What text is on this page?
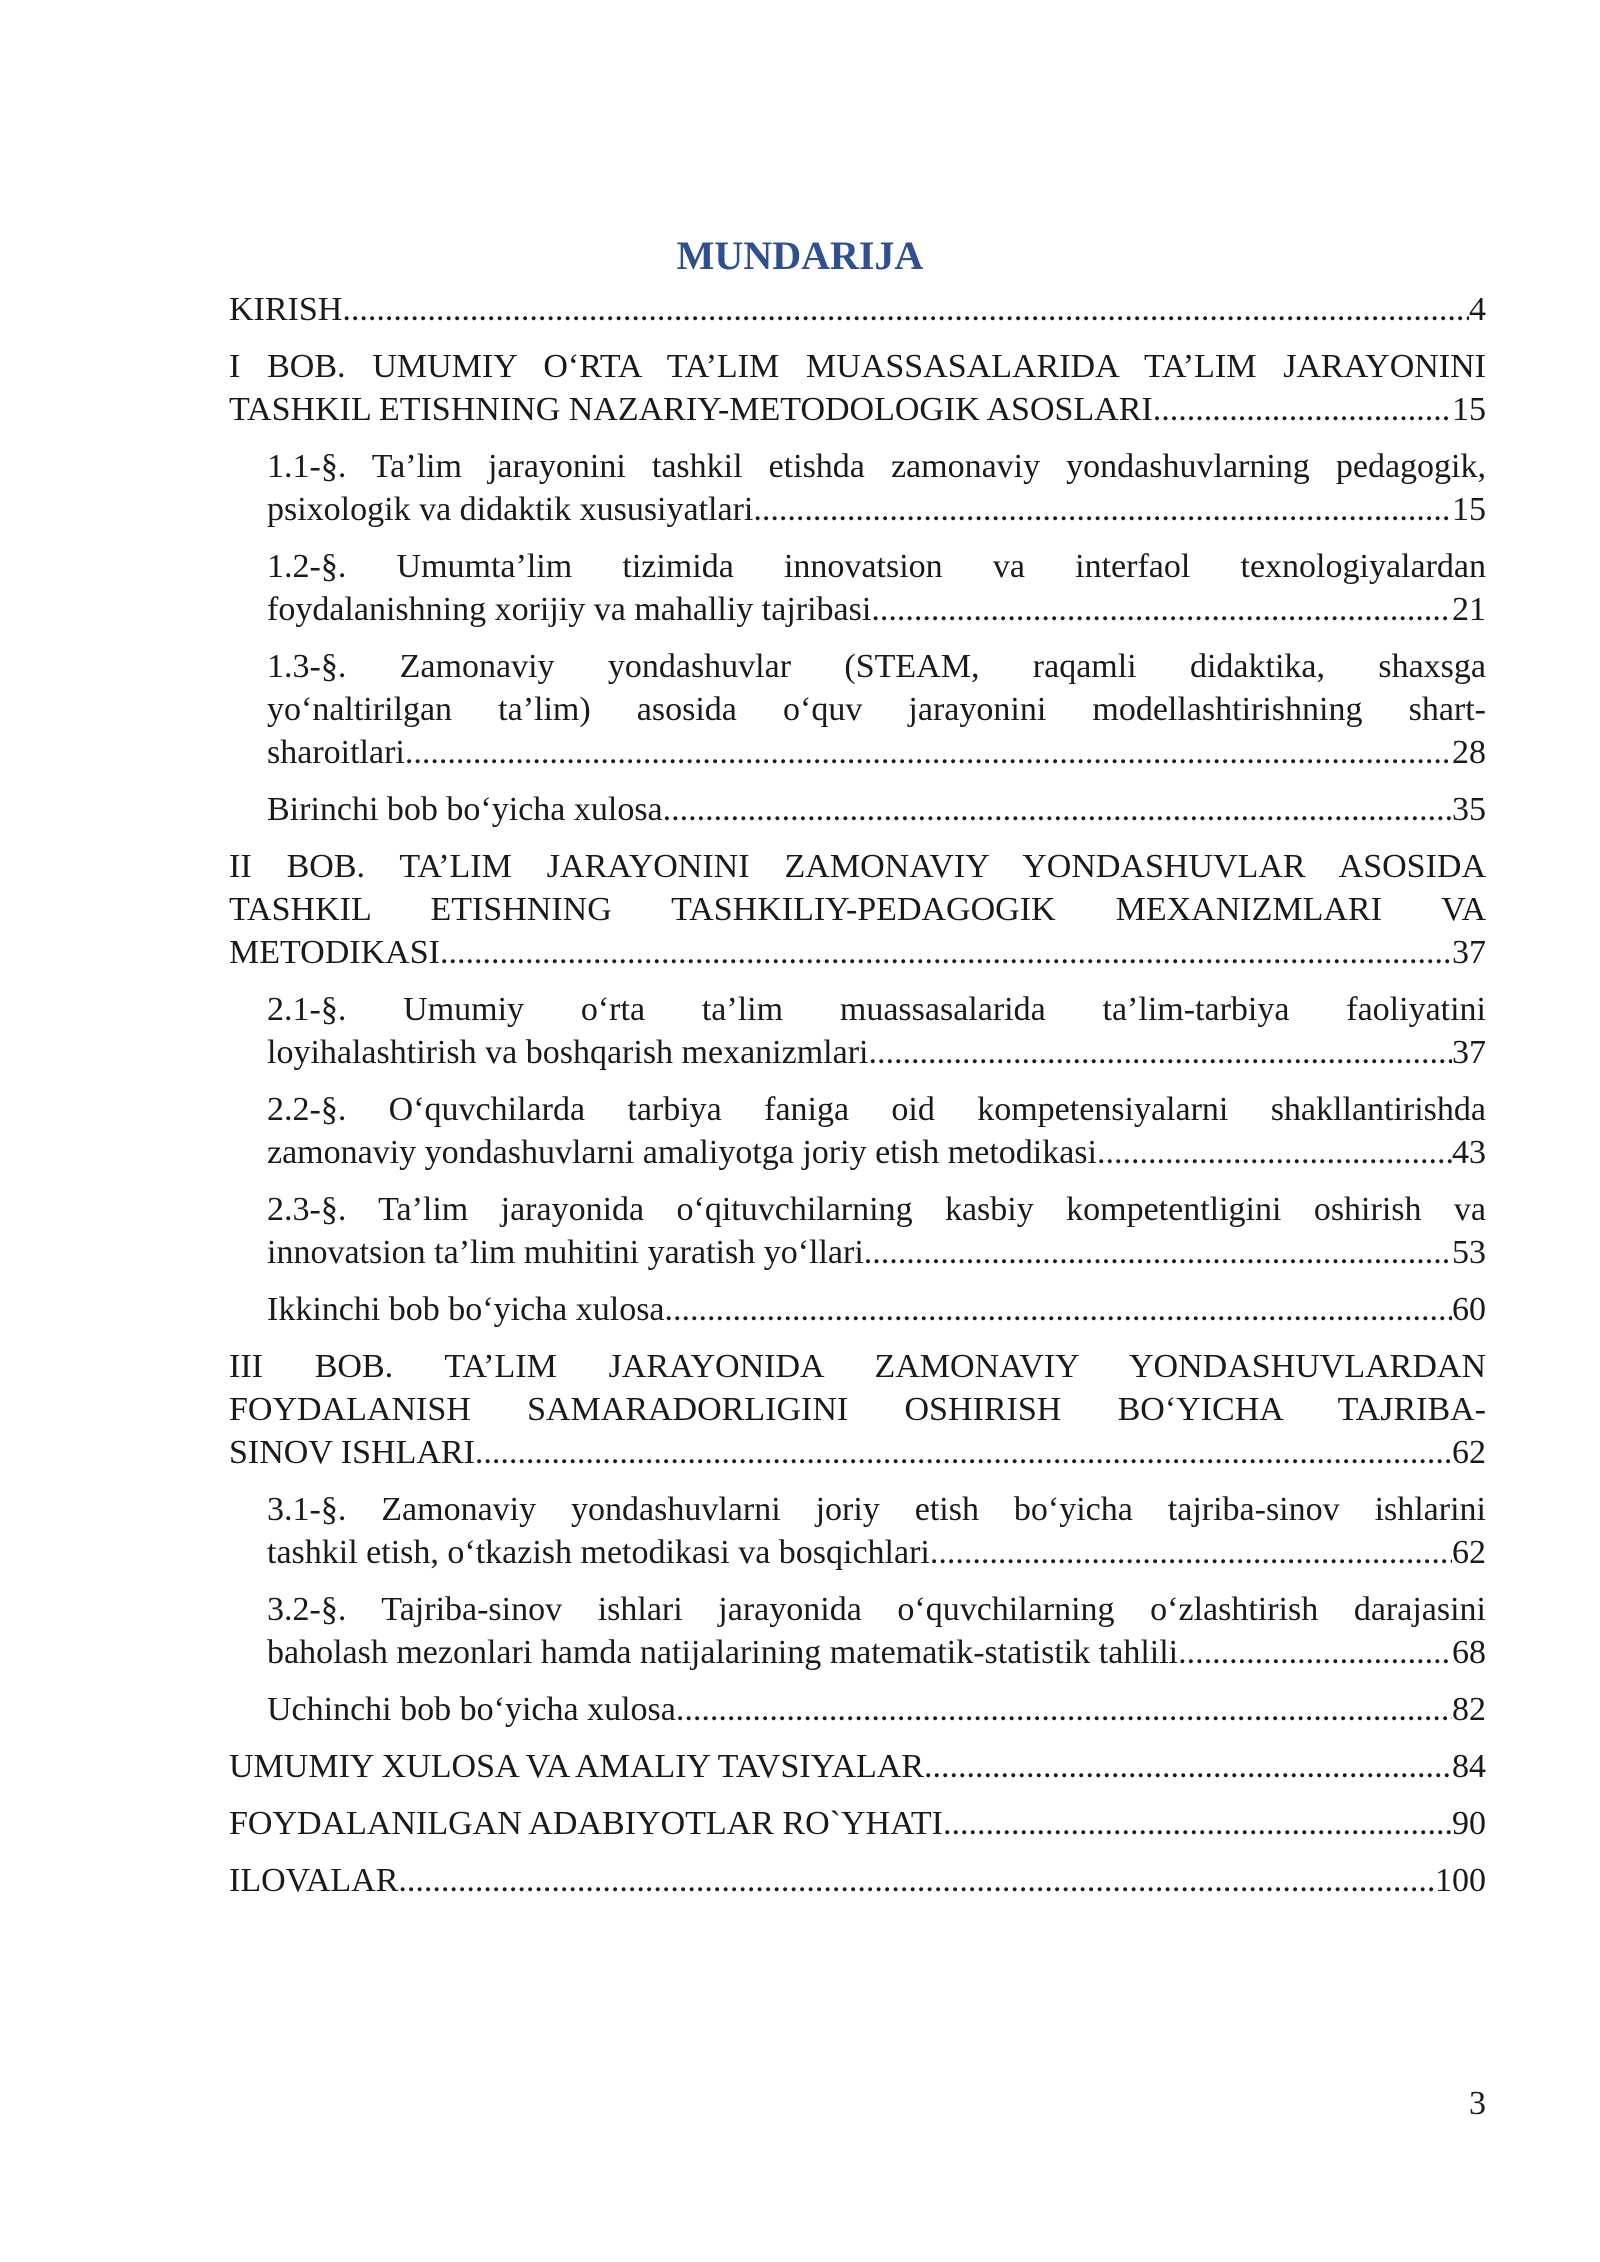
MUNDARIJA
KIRISH .....	4
I BOB. UMUMIY O‘RTA TA’LIM MUASSASALARIDA TA’LIM JARAYONINI
TASHKIL ETISHNING NAZARIY-METODOLOGIK ASOSLARI .....	15
1.1-§. Ta’lim jarayonini tashkil etishda zamonaviy yondashuvlarning pedagogik,
psixologik va didaktik xususiyatlari .....	15
1.2-§. Umumta’lim tizimida innovatsion va interfaol texnologiyalardan
foydalanishning xorijiy va mahalliy tajribasi .....	21
1.3-§. Zamonaviy yondashuvlar (STEAM, raqamli didaktika, shaxsga
yo‘naltirilgan ta’lim) asosida o‘quv jarayonini modellashtirishning shart-
sharoitlari .....	28
Birinchi bob bo‘yicha xulosa .....	35
II BOB. TA’LIM JARAYONINI ZAMONAVIY YONDASHUVLAR ASOSIDA
TASHKIL ETISHNING TASHKILIY-PEDAGOGIK MEXANIZMLARI VA
METODIKASI .....	37
2.1-§. Umumiy o‘rta ta’lim muassasalarida ta’lim-tarbiya faoliyatini
loyihalashtirish va boshqarish mexanizmlari .....	37
2.2-§. O‘quvchilarda tarbiya faniga oid kompetensiyalarni shakllantirishda
zamonaviy yondashuvlarni amaliyotga joriy etish metodikasi .....	43
2.3-§. Ta’lim jarayonida o‘qituvchilarning kasbiy kompetentligini oshirish va
innovatsion ta’lim muhitini yaratish yo‘llari .....	53
Ikkinchi bob bo‘yicha xulosa .....	60
III BOB. TA’LIM JARAYONIDA ZAMONAVIY YONDASHUVLARDAN
FOYDALANISH SAMARADORLIGINI OSHIRISH BO‘YICHA TAJRIBA-
SINOV ISHLARI .....	62
3.1-§. Zamonaviy yondashuvlarni joriy etish bo‘yicha tajriba-sinov ishlarini
tashkil etish, o‘tkazish metodikasi va bosqichlari .....	62
3.2-§. Tajriba-sinov ishlari jarayonida o‘quvchilarning o‘zlashtirish darajasini
baholash mezonlari hamda natijalarining matematik-statistik tahlili .....	68
Uchinchi bob bo‘yicha xulosa .....	82
UMUMIY XULOSA VA AMALIY TAVSIYALAR .....	84
FOYDALANILGAN ADABIYOTLAR RO`YHATI .....	90
ILOVALAR .....	100

3
